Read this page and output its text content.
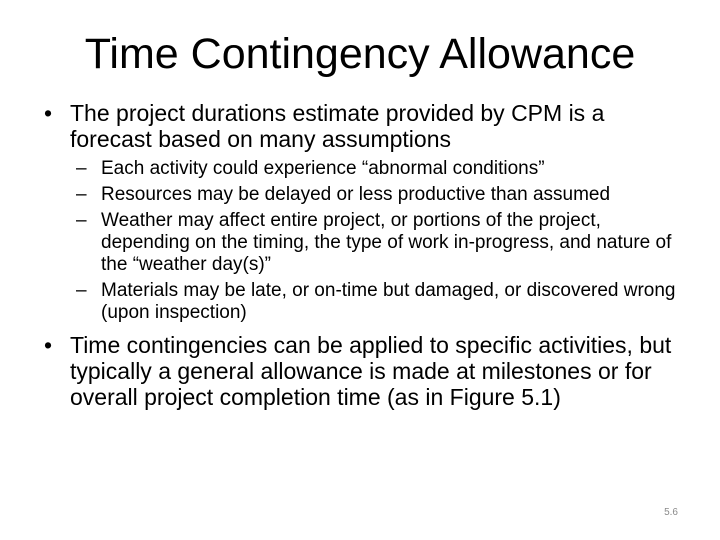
Time Contingency Allowance
• The project durations estimate provided by CPM is a forecast based on many assumptions
– Each activity could experience “abnormal conditions”
– Resources may be delayed or less productive than assumed
– Weather may affect entire project, or portions of the project, depending on the timing, the type of work in-progress, and nature of the “weather day(s)”
– Materials may be late, or on-time but damaged, or discovered wrong (upon inspection)
• Time contingencies can be applied to specific activities, but typically a general allowance is made at milestones or for overall project completion time (as in Figure 5.1)
5.6
